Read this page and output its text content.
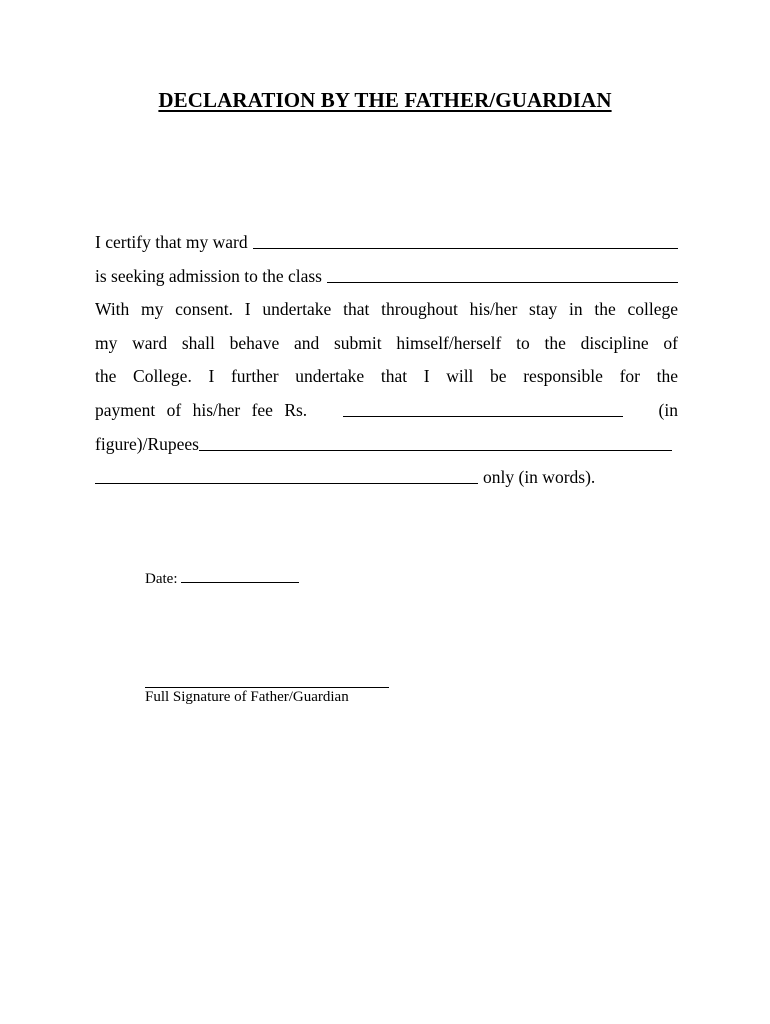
DECLARATION BY THE FATHER/GUARDIAN
I certify that my ward
is seeking admission to the class
With my consent. I undertake that throughout his/her stay in the college
my ward shall behave and submit himself/herself to the discipline of
the College. I further undertake that I will be responsible for the
payment of his/her fee Rs.	(in
figure)/Rupees
only (in words).
Date:
Full Signature of Father/Guardian
